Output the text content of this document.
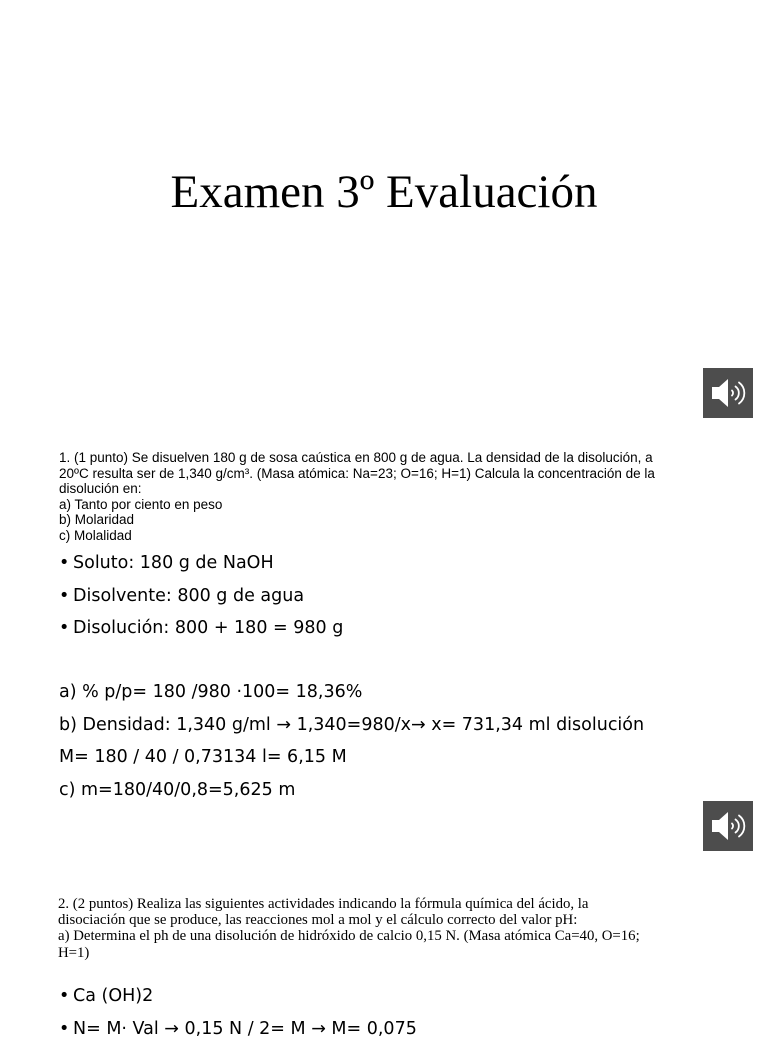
Examen 3º Evaluación
1. (1 punto) Se disuelven 180 g de sosa caústica en 800 g de agua. La densidad de la disolución, a
20ºC resulta ser de 1,340 g/cm³. (Masa atómica: Na=23; O=16; H=1) Calcula la concentración de la
disolución en:
a) Tanto por ciento en peso
b) Molaridad
c) Molalidad
• Soluto: 180 g de NaOH
• Disolvente: 800 g de agua
• Disolución: 800 + 180 = 980 g
a) % p/p= 180 /980 ·100= 18,36%
b) Densidad: 1,340 g/ml → 1,340=980/x→ x= 731,34 ml disolución
M= 180 / 40 / 0,73134 l= 6,15 M
c) m=180/40/0,8=5,625 m
2. (2 puntos) Realiza las siguientes actividades indicando la fórmula química del ácido, la
disociación que se produce, las reacciones mol a mol y el cálculo correcto del valor pH:
a) Determina el ph de una disolución de hidróxido de calcio 0,15 N. (Masa atómica Ca=40, O=16;
H=1)
• Ca (OH)2
• N= M· Val → 0,15 N / 2= M → M= 0,075
